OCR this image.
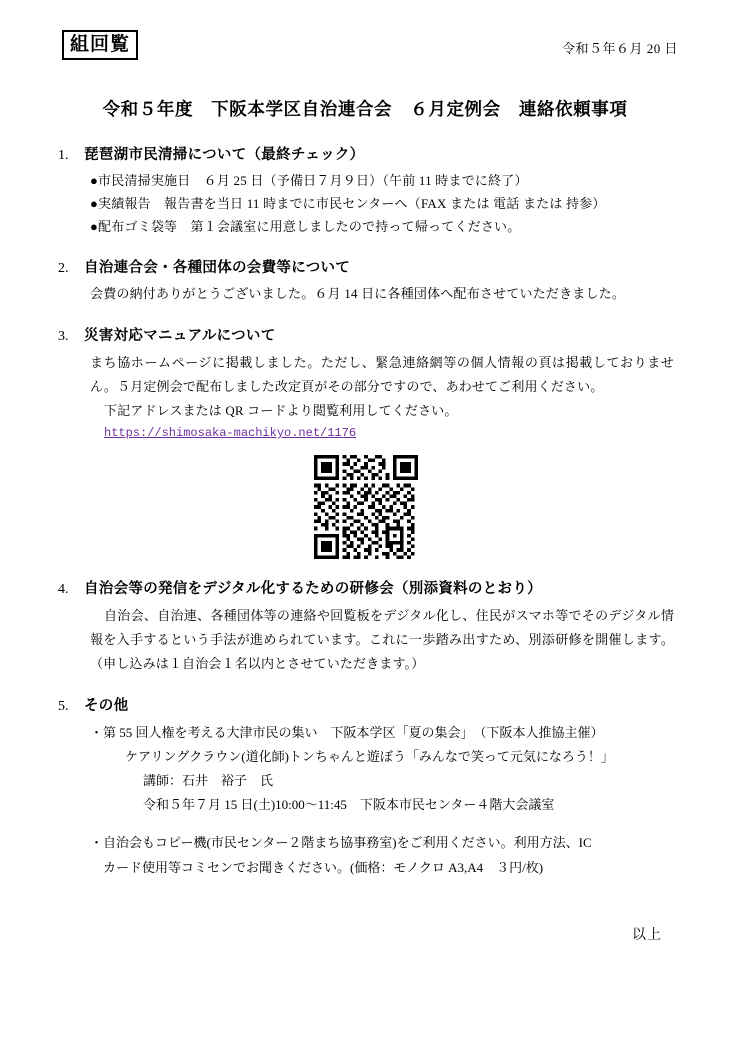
組回覧	令和５年６月 20 日
令和５年度　下阪本学区自治連合会　６月定例会　連絡依頼事項
1.	琵琶湖市民清掃について（最終チェック）
●市民清掃実施日　６月 25 日（予備日７月９日）（午前 11 時までに終了）
●実績報告　報告書を当日 11 時までに市民センターへ（FAX または 電話 または 持参）
●配布ゴミ袋等　第１会議室に用意しましたので持って帰ってください。
2.	自治連合会・各種団体の会費等について
会費の納付ありがとうございました。６月 14 日に各種団体へ配布させていただきました。
3.	災害対応マニュアルについて
まち協ホームページに掲載しました。ただし、緊急連絡網等の個人情報の頁は掲載しておりません。５月定例会で配布しました改定頁がその部分ですので、あわせてご利用ください。
下記アドレスまたは QR コードより閲覧利用してください。
https://shimosaka-machikyo.net/1176
4.	自治会等の発信をデジタル化するための研修会（別添資料のとおり）
自治会、自治連、各種団体等の連絡や回覧板をデジタル化し、住民がスマホ等でそのデジタル情報を入手するという手法が進められています。これに一歩踏み出すため、別添研修を開催します。（申し込みは１自治会１名以内とさせていただきます。）
5.	その他
・ 第 55 回人権を考える大津市民の集い　下阪本学区「夏の集会」　（下阪本人推協主催）
ケアリングクラウン(道化師)トンちゃんと遊ぼう「みんなで笑って元気になろう！」
講師：石井　裕子　氏
令和５年７月 15 日(土)10:00～11:45　下阪本市民センター４階大会議室
・ 自治会もコピー機(市民センター２階まち協事務室)をご利用ください。利用方法、IC
カード使用等コミセンでお聞きください。(価格：モノクロ A3,A4　３円/枚)
以上
